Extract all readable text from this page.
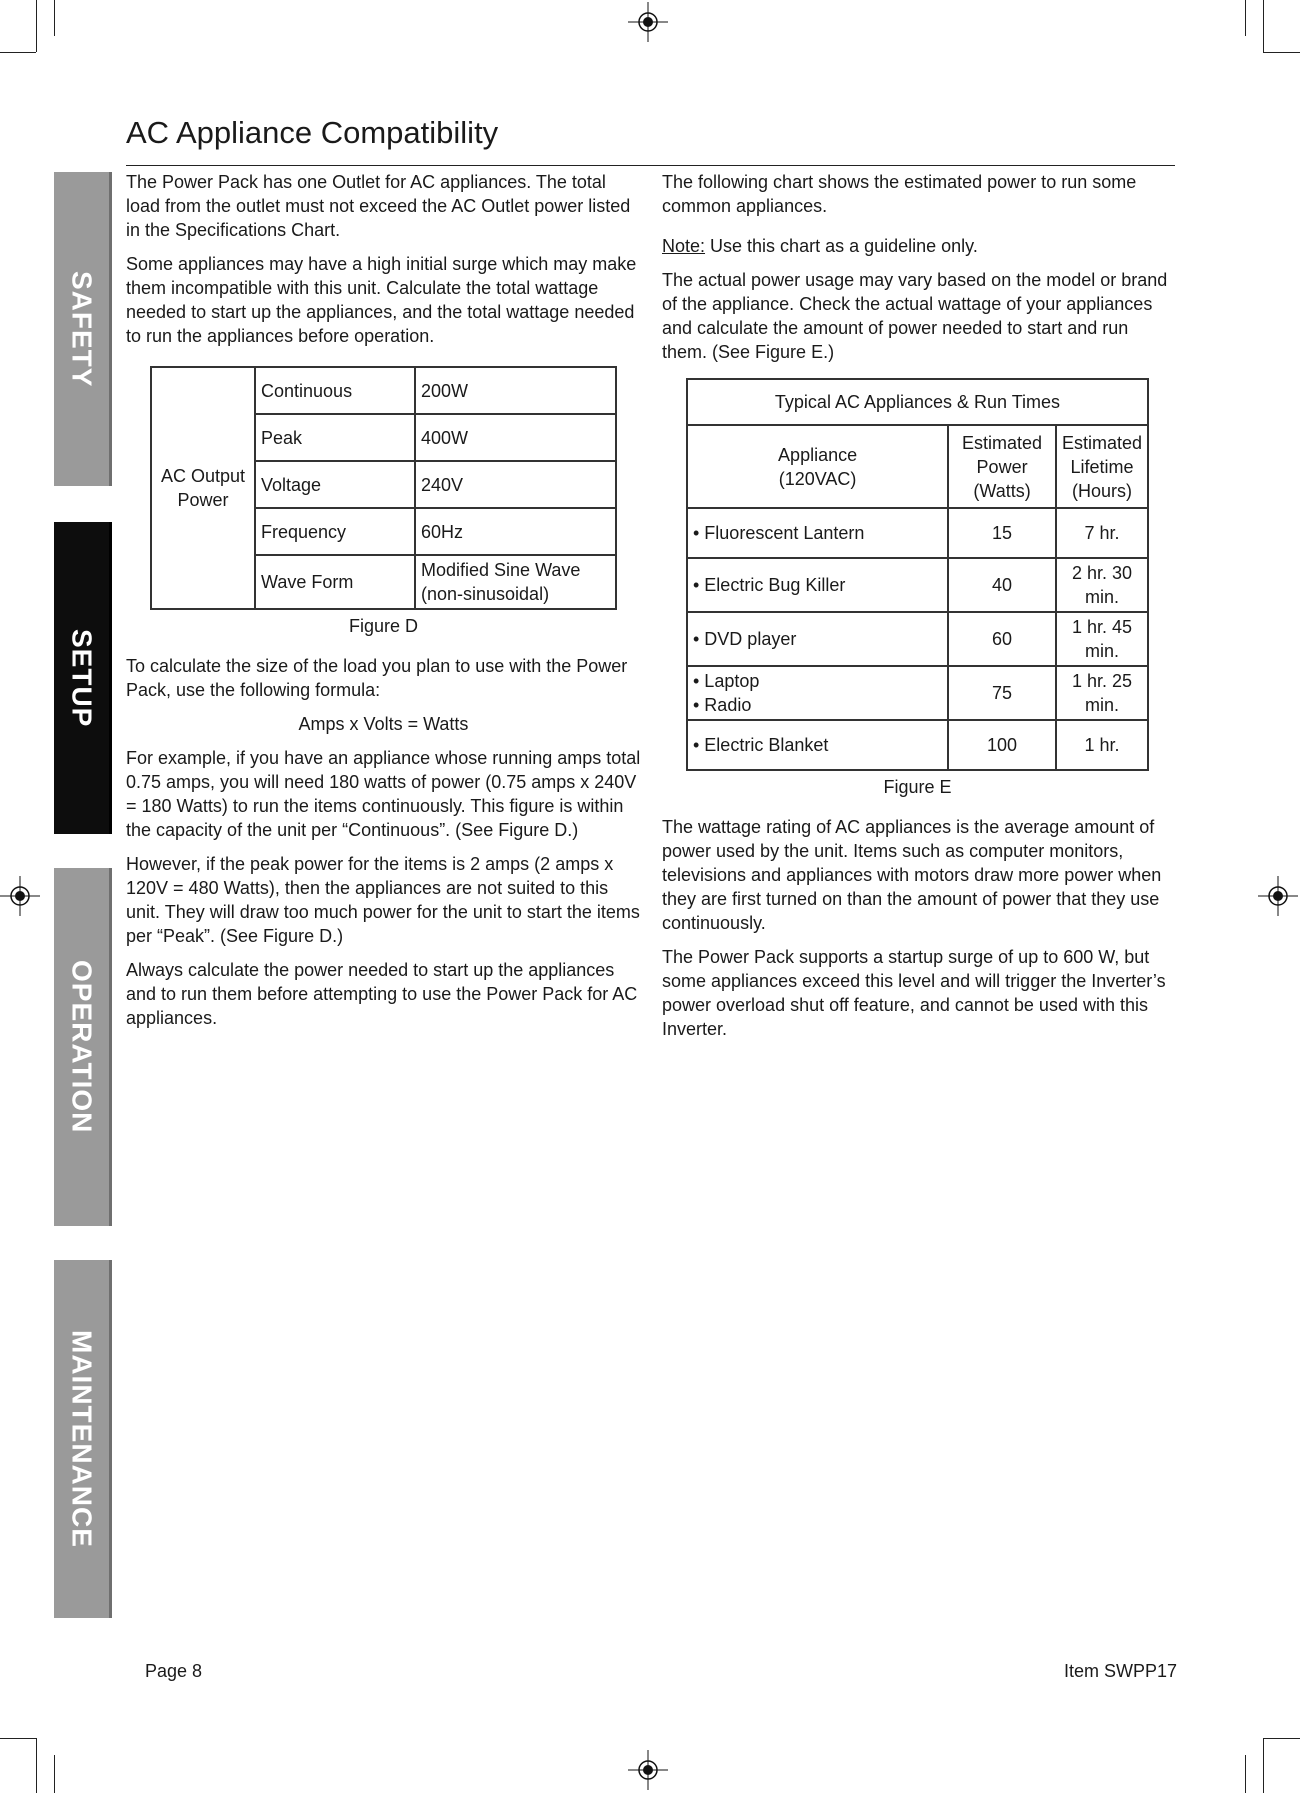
SAFETY
SETUP
OPERATION
MAINTENANCE
AC Appliance Compatibility

The Power Pack has one Outlet for AC appliances. The total load from the outlet must not exceed the AC Outlet power listed in the Specifications Chart.

Some appliances may have a high initial surge which may make them incompatible with this unit. Calculate the total wattage needed to start up the appliances, and the total wattage needed to run the appliances before operation.

AC Output Power	Continuous	200W
	Peak	400W
	Voltage	240V
	Frequency	60Hz
	Wave Form	Modified Sine Wave (non-sinusoidal)
Figure D

To calculate the size of the load you plan to use with the Power Pack, use the following formula:

Amps x Volts = Watts

For example, if you have an appliance whose running amps total 0.75 amps, you will need 180 watts of power (0.75 amps x 240V = 180 Watts) to run the items continuously. This figure is within the capacity of the unit per “Continuous”. (See Figure D.)

However, if the peak power for the items is 2 amps (2 amps x 120V = 480 Watts), then the appliances are not suited to this unit. They will draw too much power for the unit to start the items per “Peak”. (See Figure D.)

Always calculate the power needed to start up the appliances and to run them before attempting to use the Power Pack for AC appliances.

The following chart shows the estimated power to run some common appliances.

Note: Use this chart as a guideline only.

The actual power usage may vary based on the model or brand of the appliance. Check the actual wattage of your appliances and calculate the amount of power needed to start and run them. (See Figure E.)

Typical AC Appliances & Run Times		
Appliance (120VAC)	Estimated Power (Watts)	Estimated Lifetime (Hours)
• Fluorescent Lantern	15	7 hr.
• Electric Bug Killer	40	2 hr. 30 min.
• DVD player	60	1 hr. 45 min.
• Laptop
• Radio	75	1 hr. 25 min.
• Electric Blanket	100	1 hr.
Figure E

The wattage rating of AC appliances is the average amount of power used by the unit. Items such as computer monitors, televisions and appliances with motors draw more power when they are first turned on than the amount of power that they use continuously.

The Power Pack supports a startup surge of up to 600 W, but some appliances exceed this level and will trigger the Inverter’s power overload shut off feature, and cannot be used with this Inverter.

Page 8	Item SWPP17
